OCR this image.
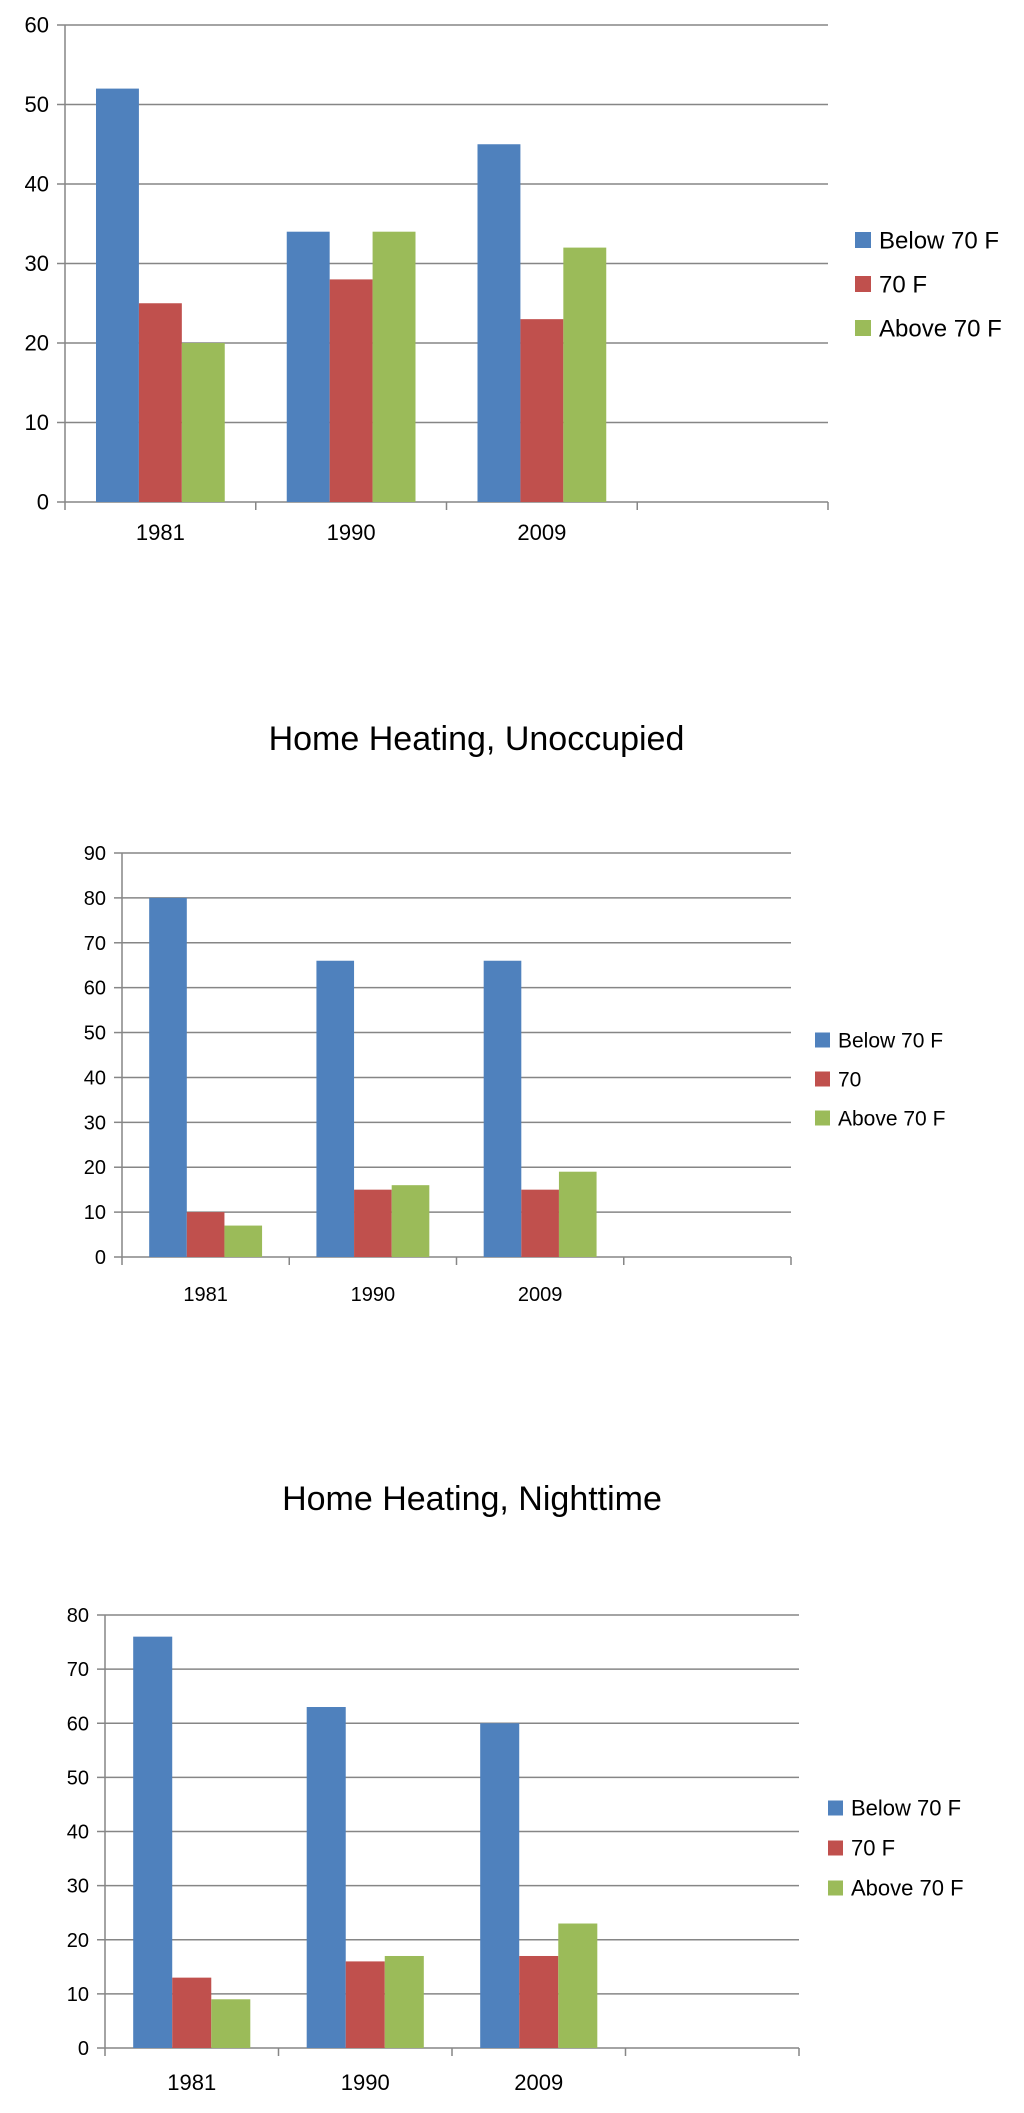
0
10
20
30
40
50
60
1981	1990	2009
Below 70 F
70 F
Above 70 F
Home Heating, Unoccupied
0
10
20
30
40
50
60
70
80
90
1981	1990	2009
Below 70 F
70
Above 70 F
Home Heating, Nighttime
0
10
20
30
40
50
60
70
80
1981	1990	2009
Below 70 F
70 F
Above 70 F
